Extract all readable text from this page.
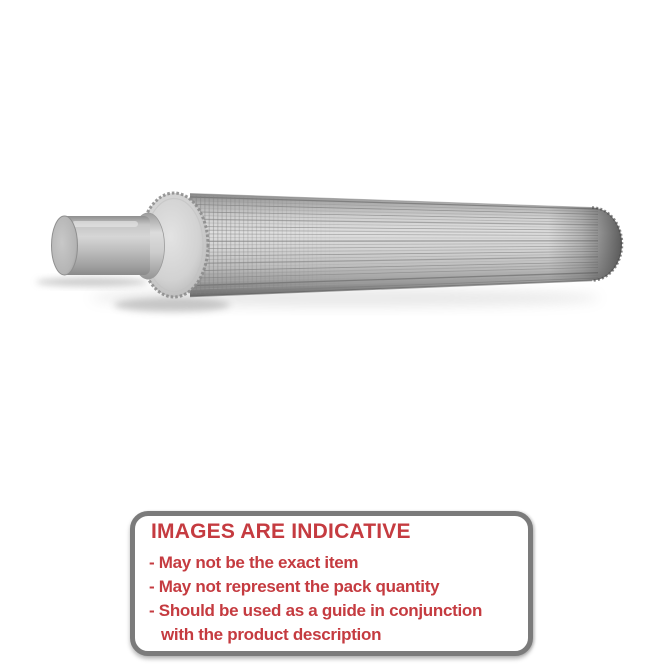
IMAGES ARE INDICATIVE
- May not be the exact item
- May not represent the pack quantity
- Should be used as a guide in conjunction
with the product description
